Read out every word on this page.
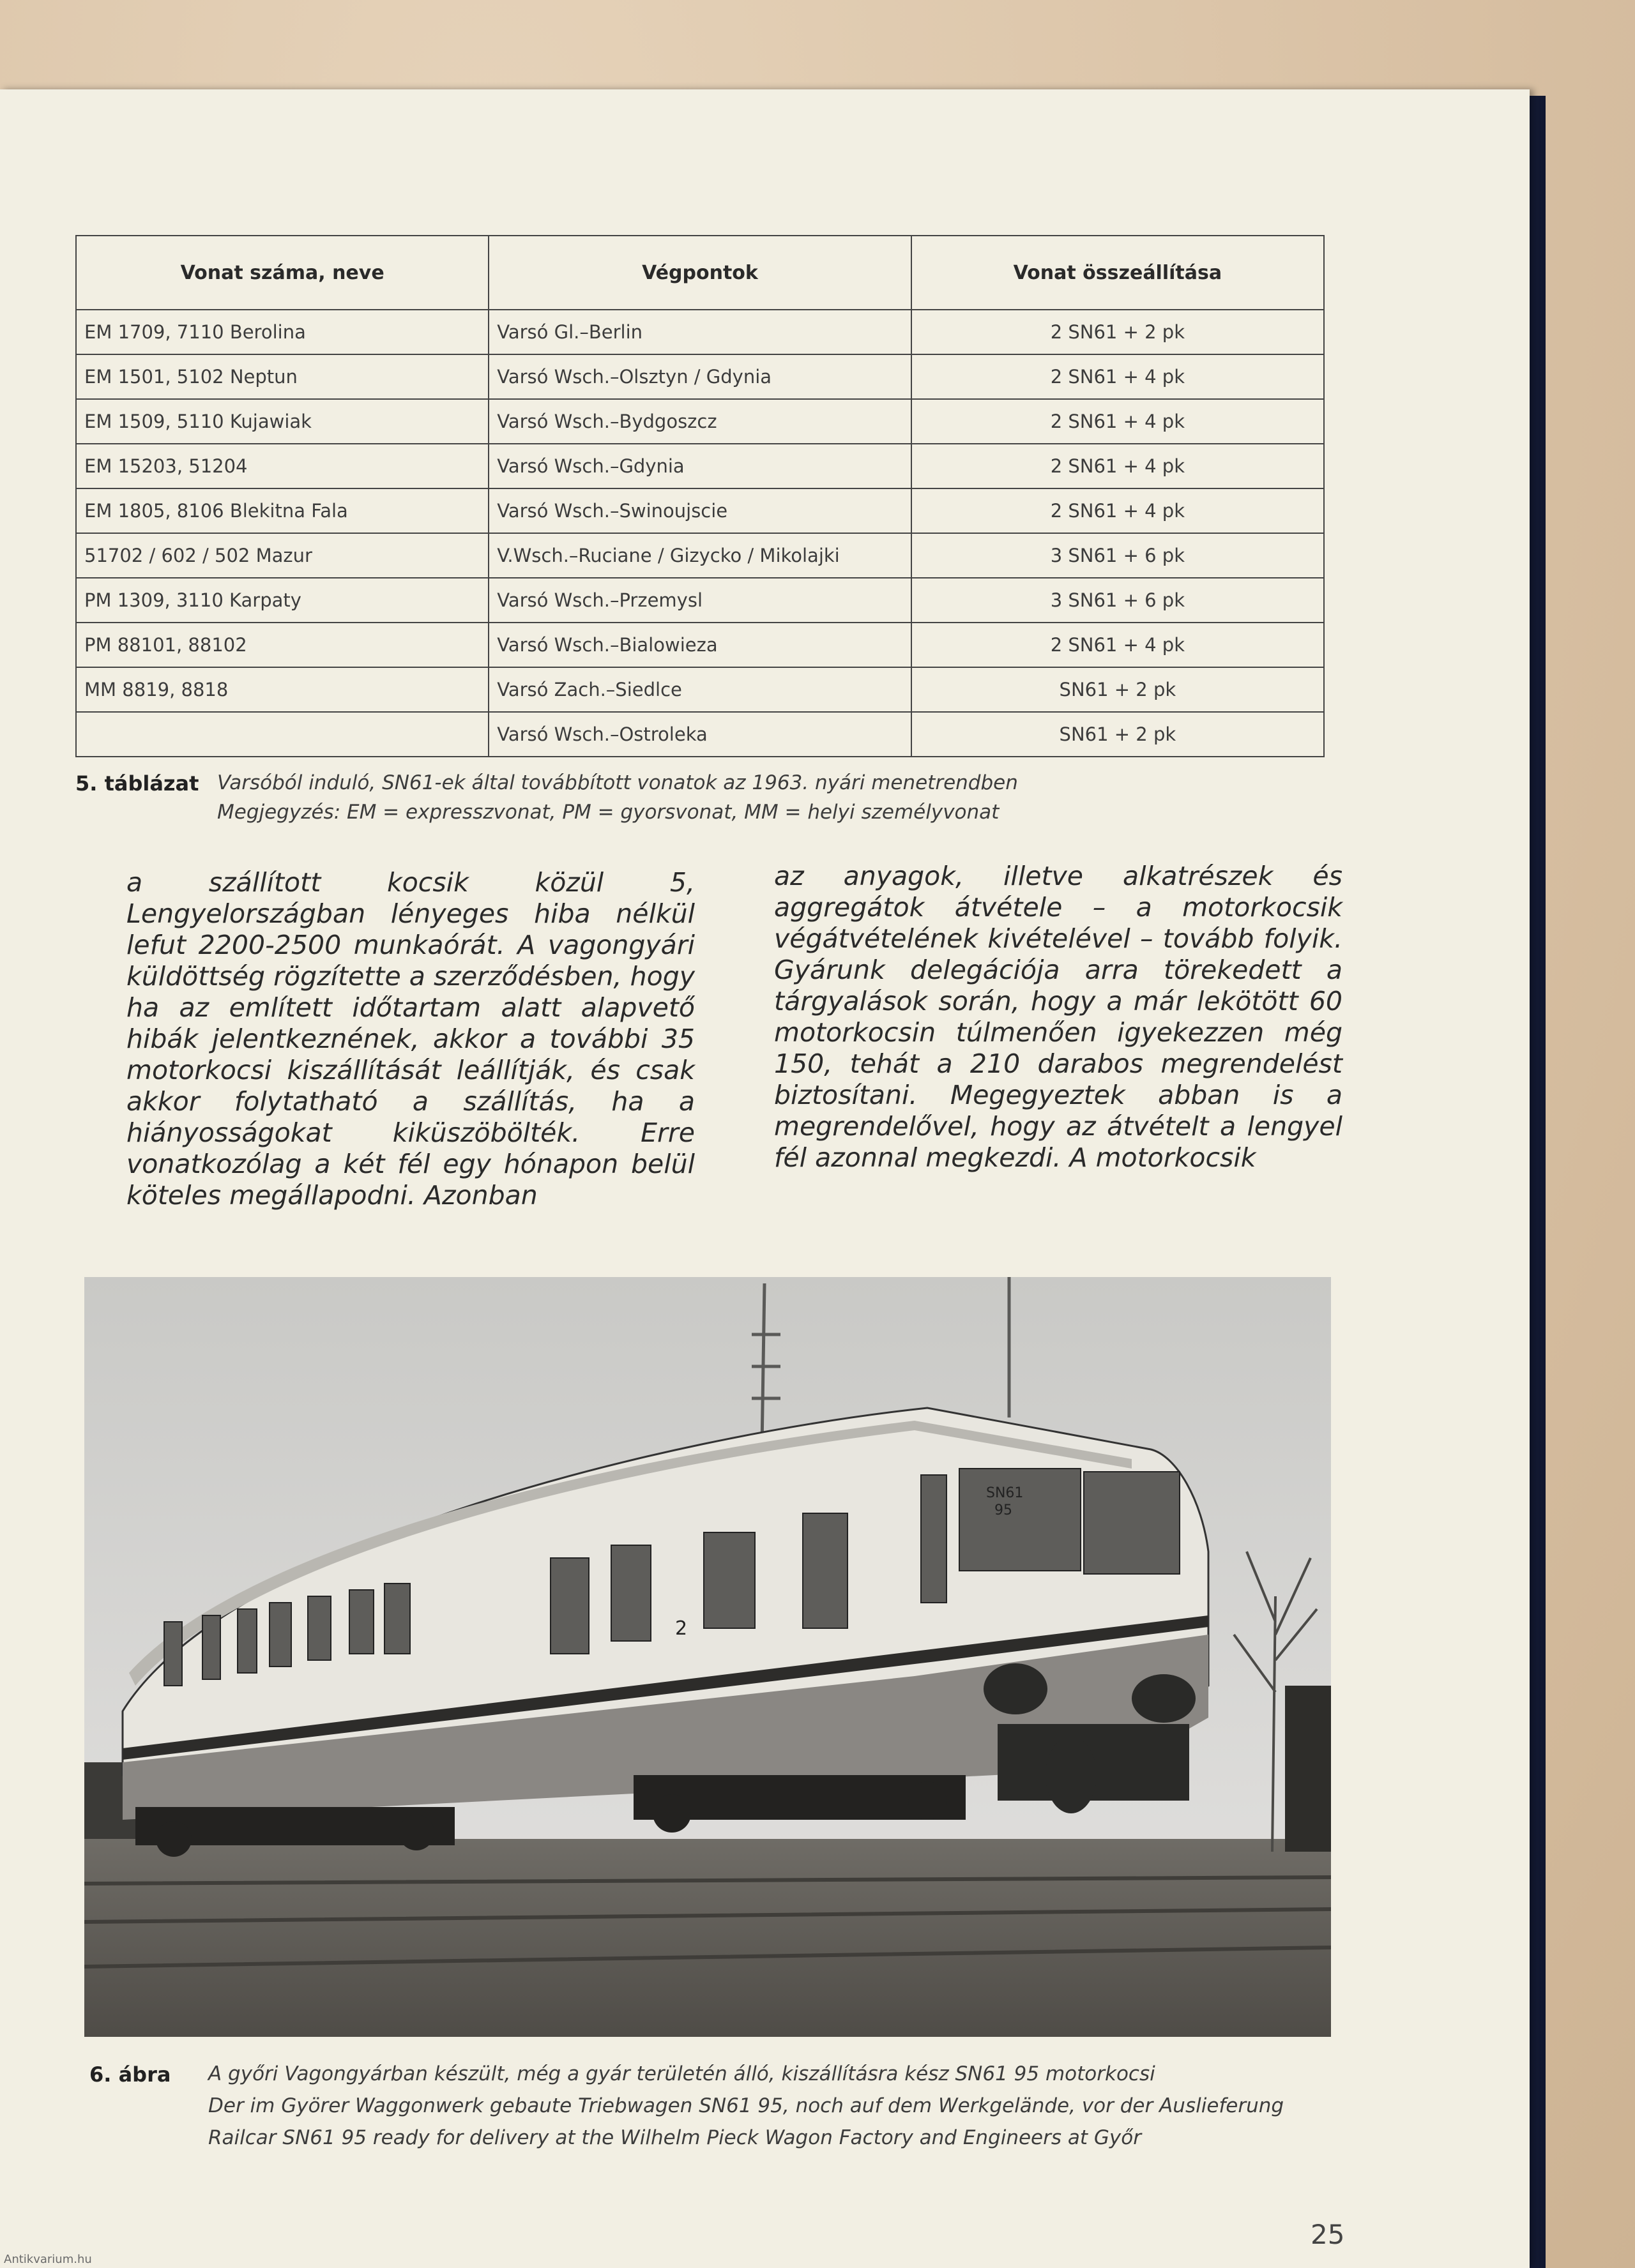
Vonat száma, neve	Végpontok	Vonat összeállítása
EM 1709, 7110 Berolina	Varsó Gl.–Berlin	2 SN61 + 2 pk
EM 1501, 5102 Neptun	Varsó Wsch.–Olsztyn / Gdynia	2 SN61 + 4 pk
EM 1509, 5110 Kujawiak	Varsó Wsch.–Bydgoszcz	2 SN61 + 4 pk
EM 15203, 51204	Varsó Wsch.–Gdynia	2 SN61 + 4 pk
EM 1805, 8106 Blekitna Fala	Varsó Wsch.–Swinoujscie	2 SN61 + 4 pk
51702 / 602 / 502 Mazur	V.Wsch.–Ruciane / Gizycko / Mikolajki	3 SN61 + 6 pk
PM 1309, 3110 Karpaty	Varsó Wsch.–Przemysl	3 SN61 + 6 pk
PM 88101, 88102	Varsó Wsch.–Bialowieza	2 SN61 + 4 pk
MM 8819, 8818	Varsó Zach.–Siedlce	SN61 + 2 pk
	Varsó Wsch.–Ostroleka	SN61 + 2 pk
5. táblázat Varsóból induló, SN61-ek által továbbított vonatok az 1963. nyári menetrendben
Megjegyzés: EM = expresszvonat, PM = gyorsvonat, MM = helyi személyvonat
a szállított kocsik közül 5, Lengyelországban lényeges hiba nélkül lefut 2200-2500 munkaórát. A vagongyári küldöttség rögzítette a szerződésben, hogy ha az említett időtartam alatt alapvető hibák jelentkeznének, akkor a további 35 motorkocsi kiszállítását leállítják, és csak akkor folytatható a szállítás, ha a hiányosságokat kiküszöbölték. Erre vonatkozólag a két fél egy hónapon belül köteles megállapodni. Azonban
az anyagok, illetve alkatrészek és aggregátok átvétele – a motorkocsik végátvételének kivételével – tovább folyik. Gyárunk delegációja arra törekedett a tárgyalások során, hogy a már lekötött 60 motorkocsin túlmenően igyekezzen még 150, tehát a 210 darabos megrendelést biztosítani. Megegyeztek abban is a megrendelővel, hogy az átvételt a lengyel fél azonnal megkezdi. A motorkocsik
SN61
95
2
6. ábra A győri Vagongyárban készült, még a gyár területén álló, kiszállításra kész SN61 95 motorkocsi
Der im Györer Waggonwerk gebaute Triebwagen SN61 95, noch auf dem Werkgelände, vor der Auslieferung
Railcar SN61 95 ready for delivery at the Wilhelm Pieck Wagon Factory and Engineers at Győr
25
Antikvarium.hu
